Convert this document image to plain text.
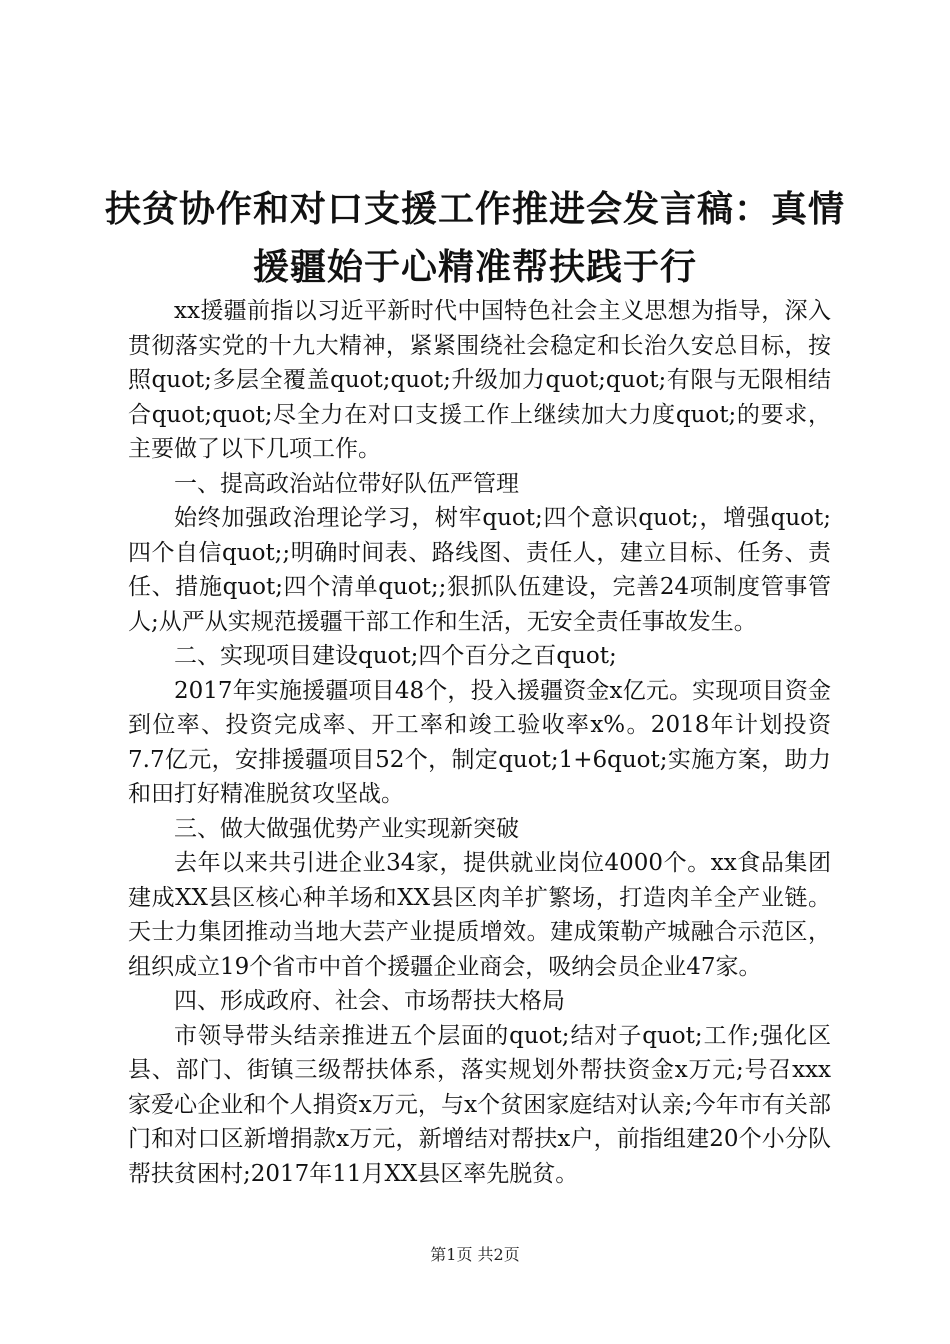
扶贫协作和对口支援工作推进会发言稿：真情
援疆始于心精准帮扶践于行

xx援疆前指以习近平新时代中国特色社会主义思想为指导，深入贯彻落实党的十九大精神，紧紧围绕社会稳定和长治久安总目标，按照quot;多层全覆盖quot;quot;升级加力quot;quot;有限与无限相结合quot;quot;尽全力在对口支援工作上继续加大力度quot;的要求，主要做了以下几项工作。

一、提高政治站位带好队伍严管理

始终加强政治理论学习，树牢quot;四个意识quot;，增强quot;四个自信quot;;明确时间表、路线图、责任人，建立目标、任务、责任、措施quot;四个清单quot;;狠抓队伍建设，完善24项制度管事管人;从严从实规范援疆干部工作和生活，无安全责任事故发生。

二、实现项目建设quot;四个百分之百quot;

2017年实施援疆项目48个，投入援疆资金x亿元。实现项目资金到位率、投资完成率、开工率和竣工验收率x%。2018年计划投资7.7亿元，安排援疆项目52个，制定quot;1+6quot;实施方案，助力和田打好精准脱贫攻坚战。

三、做大做强优势产业实现新突破

去年以来共引进企业34家，提供就业岗位4000个。xx食品集团建成XX县区核心种羊场和XX县区肉羊扩繁场，打造肉羊全产业链。天士力集团推动当地大芸产业提质增效。建成策勒产城融合示范区，组织成立19个省市中首个援疆企业商会，吸纳会员企业47家。

四、形成政府、社会、市场帮扶大格局

市领导带头结亲推进五个层面的quot;结对子quot;工作;强化区县、部门、街镇三级帮扶体系，落实规划外帮扶资金x万元;号召xxx家爱心企业和个人捐资x万元，与x个贫困家庭结对认亲;今年市有关部门和对口区新增捐款x万元，新增结对帮扶x户，前指组建20个小分队帮扶贫困村;2017年11月XX县区率先脱贫。

第1页 共2页
